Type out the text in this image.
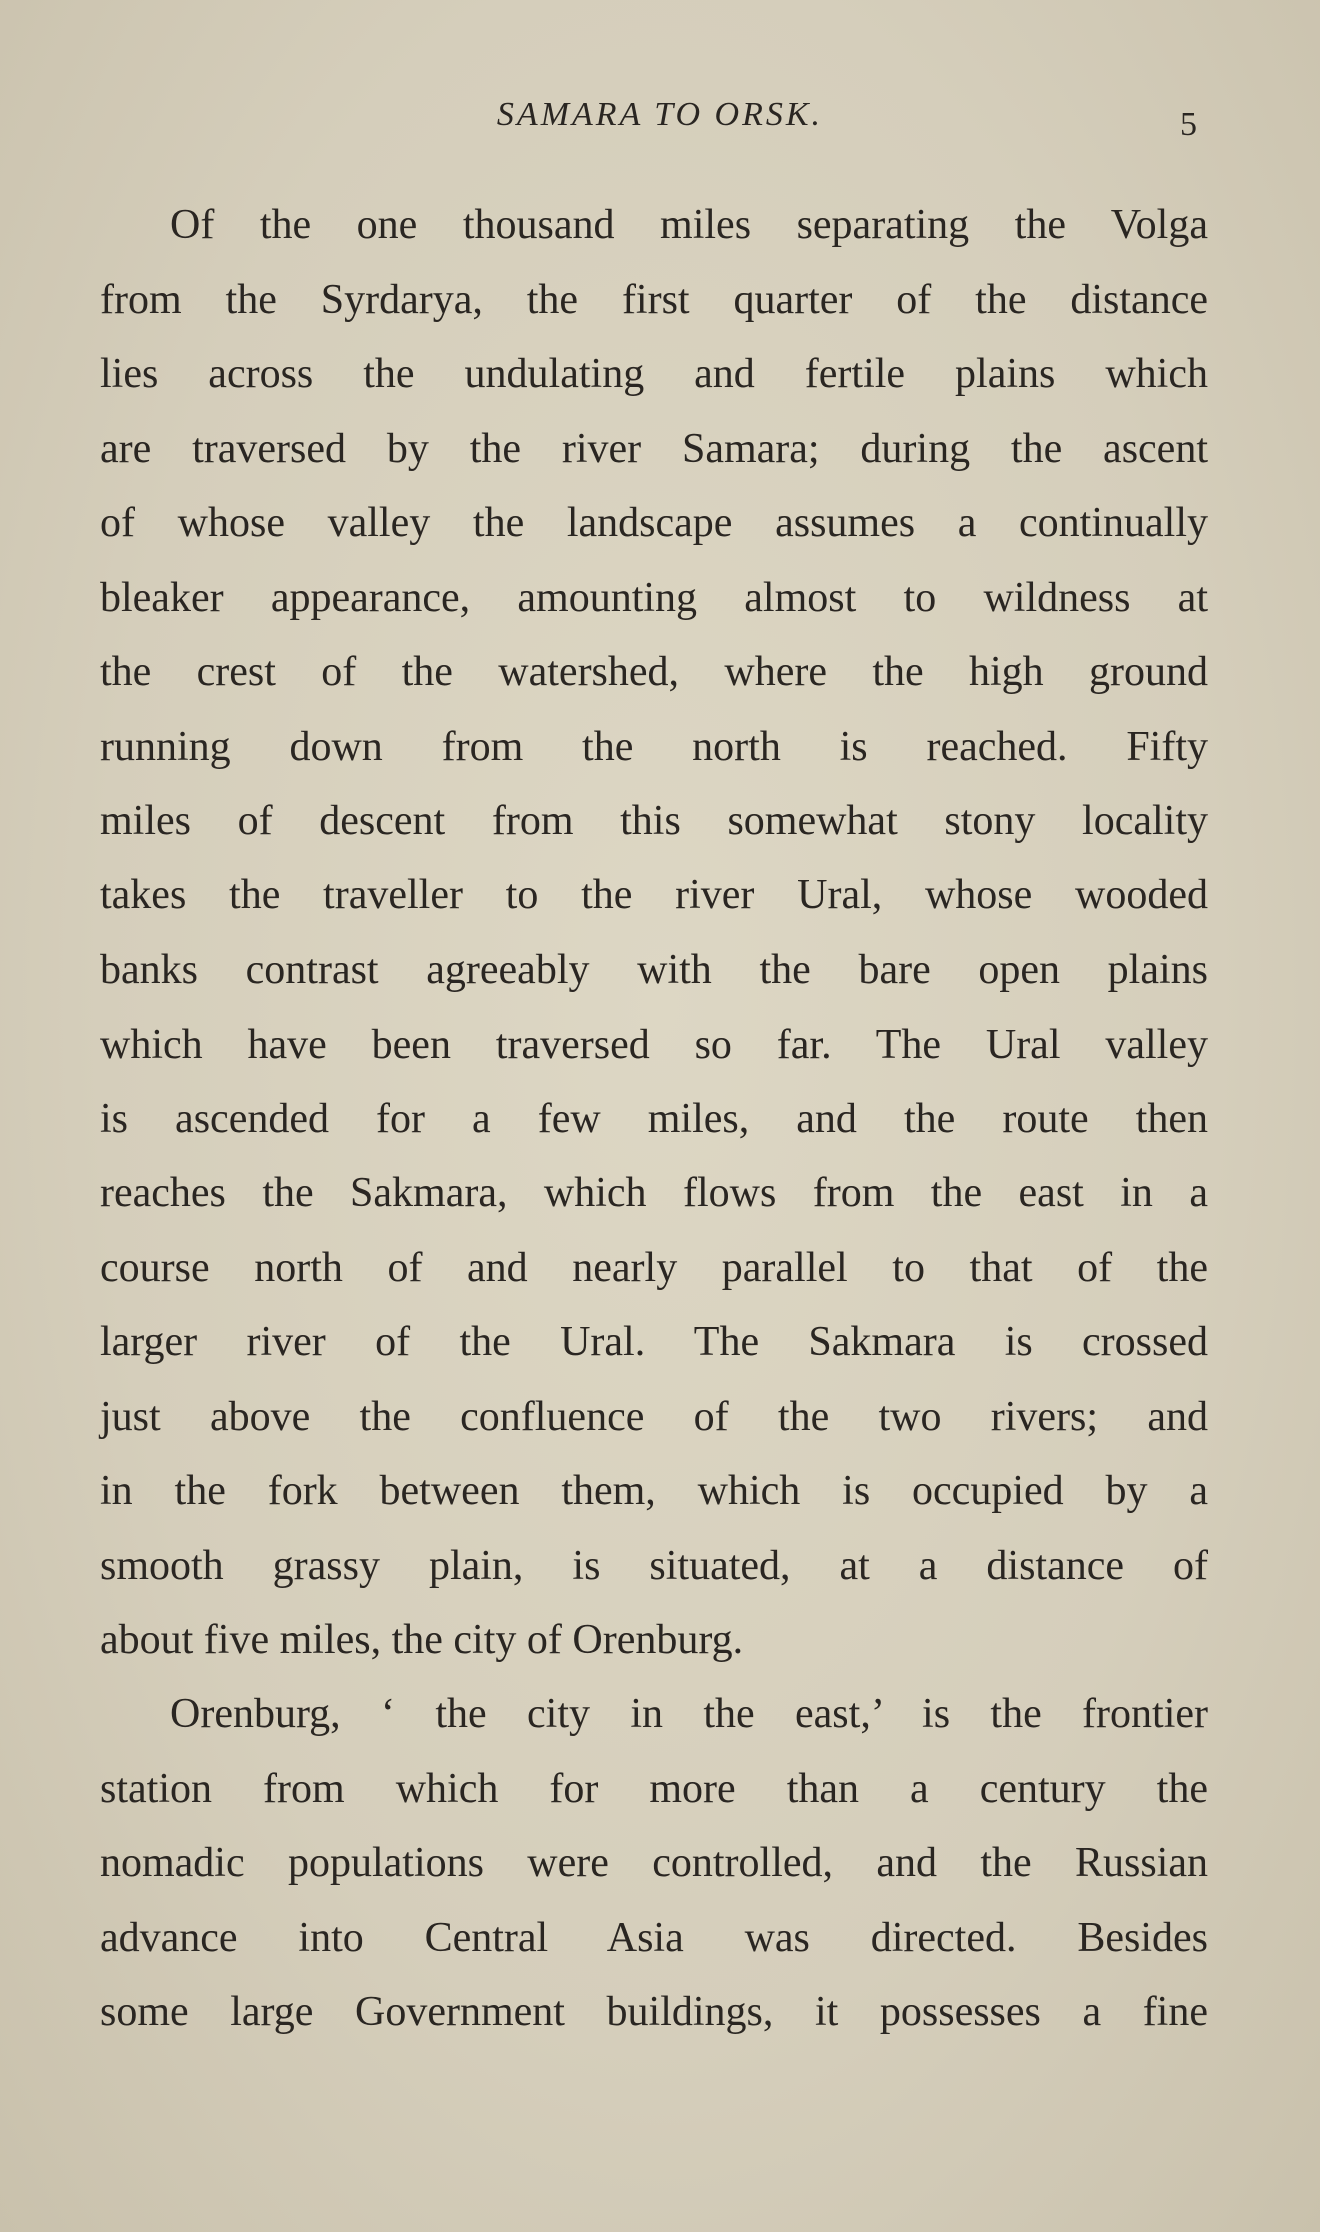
SAMARA TO ORSK.	5
Of the one thousand miles separating the Volga
from the Syrdarya, the first quarter of the distance
lies across the undulating and fertile plains which
are traversed by the river Samara; during the ascent
of whose valley the landscape assumes a continually
bleaker appearance, amounting almost to wildness at
the crest of the watershed, where the high ground
running down from the north is reached. Fifty
miles of descent from this somewhat stony locality
takes the traveller to the river Ural, whose wooded
banks contrast agreeably with the bare open plains
which have been traversed so far. The Ural valley
is ascended for a few miles, and the route then
reaches the Sakmara, which flows from the east in a
course north of and nearly parallel to that of the
larger river of the Ural. The Sakmara is crossed
just above the confluence of the two rivers; and
in the fork between them, which is occupied by a
smooth grassy plain, is situated, at a distance of
about five miles, the city of Orenburg.
Orenburg, ‘ the city in the east,’ is the frontier
station from which for more than a century the
nomadic populations were controlled, and the Russian
advance into Central Asia was directed. Besides
some large Government buildings, it possesses a fine
